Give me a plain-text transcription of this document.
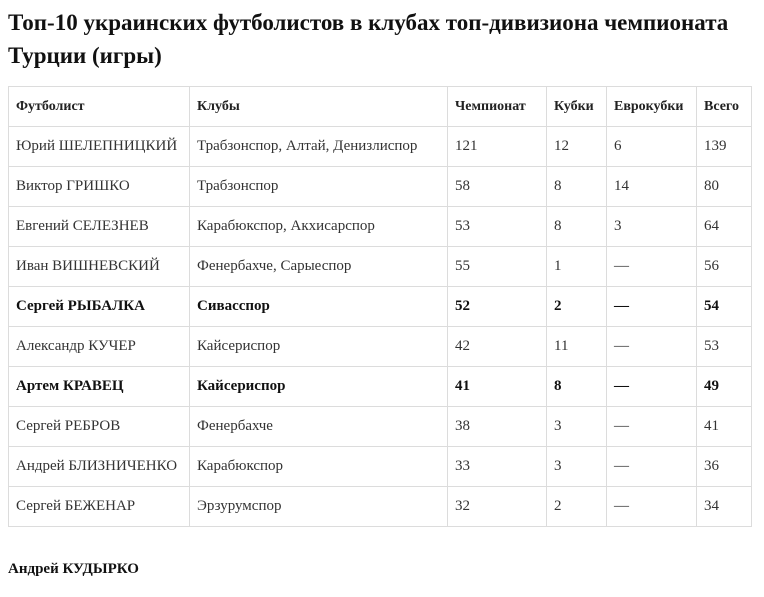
Топ-10 украинских футболистов в клубах топ-дивизиона чемпионата Турции (игры)
Футболист	Клубы	Чемпионат	Кубки	Еврокубки	Всего
Юрий ШЕЛЕПНИЦКИЙ	Трабзонспор, Алтай, Денизлиспор	121	12	6	139
Виктор ГРИШКО	Трабзонспор	58	8	14	80
Евгений СЕЛЕЗНЕВ	Карабюкспор, Акхисарспор	53	8	3	64
Иван ВИШНЕВСКИЙ	Фенербахче, Сарыеспор	55	1	—	56
Сергей РЫБАЛКА	Сивасспор	52	2	—	54
Александр КУЧЕР	Кайсериспор	42	11	—	53
Артем КРАВЕЦ	Кайсериспор	41	8	—	49
Сергей РЕБРОВ	Фенербахче	38	3	—	41
Андрей БЛИЗНИЧЕНКО	Карабюкспор	33	3	—	36
Сергей БЕЖЕНАР	Эрзурумспор	32	2	—	34

Андрей КУДЫРКО
